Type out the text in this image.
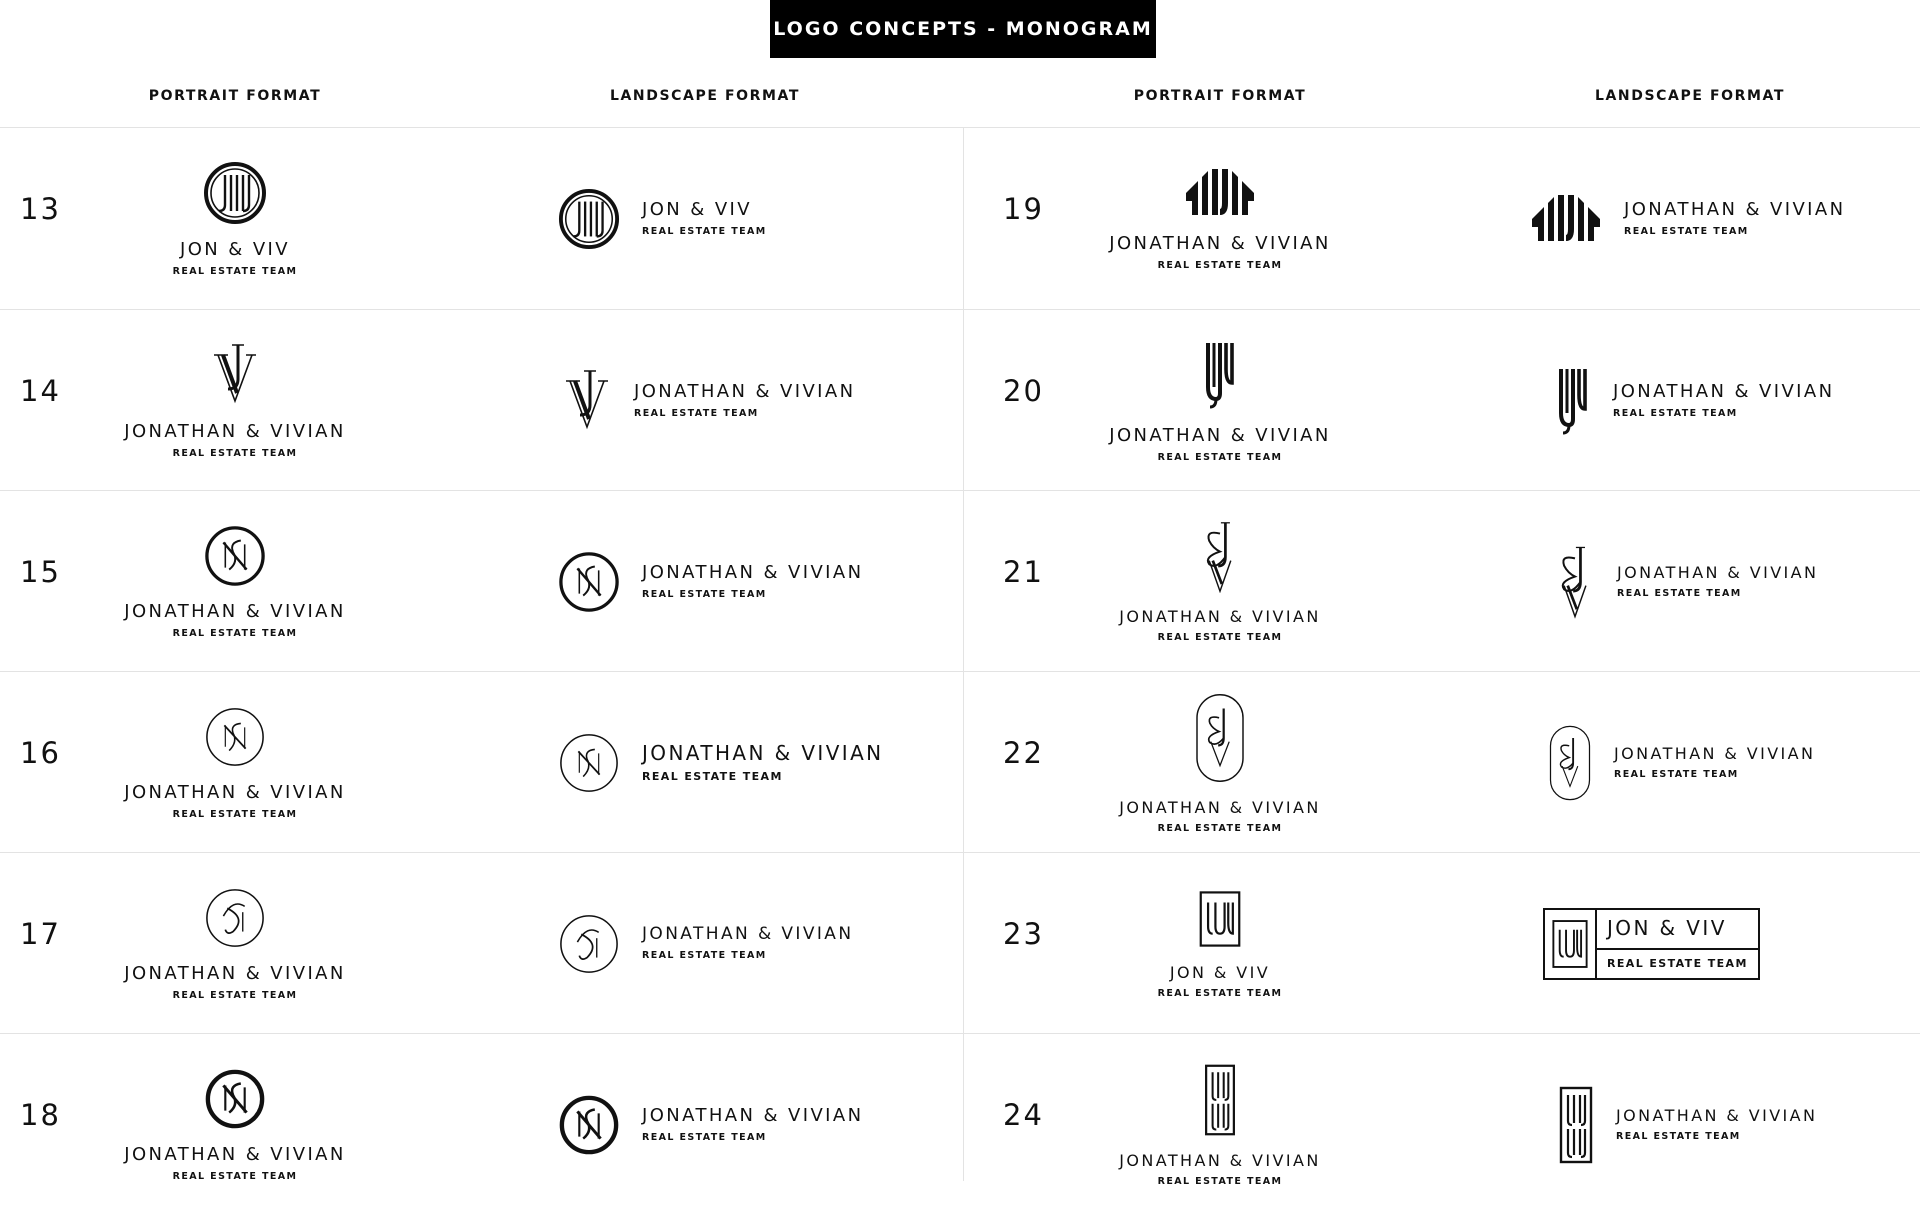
LOGO CONCEPTS - MONOGRAM
PORTRAIT FORMAT	LANDSCAPE FORMAT	PORTRAIT FORMAT	LANDSCAPE FORMAT
13
JON & VIV
REAL ESTATE TEAM
JON & VIV
REAL ESTATE TEAM
19
JONATHAN & VIVIAN
REAL ESTATE TEAM
JONATHAN & VIVIAN
REAL ESTATE TEAM
14
JONATHAN & VIVIAN
REAL ESTATE TEAM
JONATHAN & VIVIAN
REAL ESTATE TEAM
20
JONATHAN & VIVIAN
REAL ESTATE TEAM
JONATHAN & VIVIAN
REAL ESTATE TEAM
15
JONATHAN & VIVIAN
REAL ESTATE TEAM
JONATHAN & VIVIAN
REAL ESTATE TEAM
21
JONATHAN & VIVIAN
REAL ESTATE TEAM
JONATHAN & VIVIAN
REAL ESTATE TEAM
16
JONATHAN & VIVIAN
REAL ESTATE TEAM
JONATHAN & VIVIAN
REAL ESTATE TEAM
22
JONATHAN & VIVIAN
REAL ESTATE TEAM
JONATHAN & VIVIAN
REAL ESTATE TEAM
17
JONATHAN & VIVIAN
REAL ESTATE TEAM
JONATHAN & VIVIAN
REAL ESTATE TEAM
23
JON & VIV
REAL ESTATE TEAM
JON & VIV
REAL ESTATE TEAM
18
JONATHAN & VIVIAN
REAL ESTATE TEAM
JONATHAN & VIVIAN
REAL ESTATE TEAM
24
JONATHAN & VIVIAN
REAL ESTATE TEAM
JONATHAN & VIVIAN
REAL ESTATE TEAM
